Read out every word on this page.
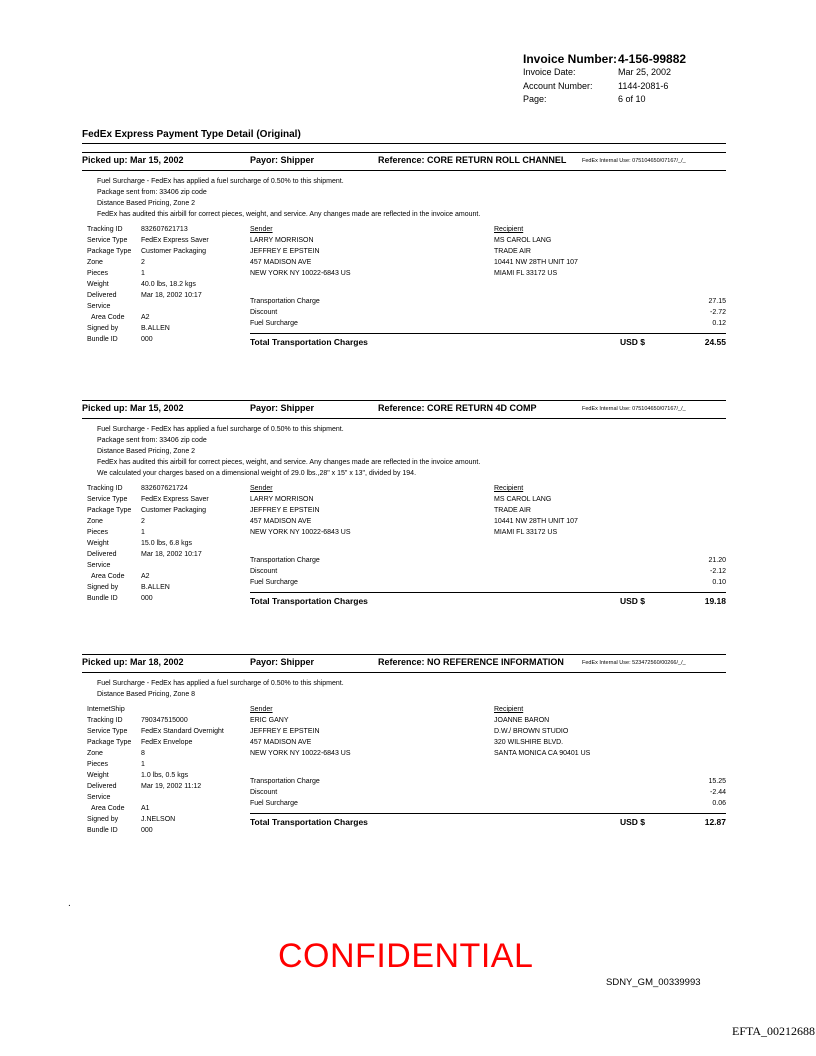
Invoice Number: 4-156-99882
Invoice Date:	Mar 25, 2002
Account Number:	1144-2081-6
Page:	6 of 10
FedEx Express Payment Type Detail (Original)
Picked up: Mar 15, 2002	Payor: Shipper	Reference: CORE RETURN ROLL CHANNEL	FedEx Internal Use: 075104650/07167/_/_
Fuel Surcharge - FedEx has applied a fuel surcharge of 0.50% to this shipment.
Package sent from: 33406 zip code
Distance Based Pricing, Zone 2
FedEx has audited this airbill for correct pieces, weight, and service. Any changes made are reflected in the invoice amount.
Tracking ID	832607621713
Service Type	FedEx Express Saver
Package Type	Customer Packaging
Zone	2
Pieces	1
Weight	40.0 lbs, 18.2 kgs
Delivered	Mar 18, 2002 10:17
Service
Area Code	A2
Signed by	B.ALLEN
Bundle ID	000
Sender
LARRY MORRISON
JEFFREY E EPSTEIN
457 MADISON AVE
NEW YORK NY 10022-6843 US
Recipient
MS CAROL LANG
TRADE AIR
10441 NW 28TH UNIT 107
MIAMI FL 33172 US
Transportation Charge	27.15
Discount	-2.72
Fuel Surcharge	0.12
Total Transportation Charges	USD $	24.55
Picked up: Mar 15, 2002	Payor: Shipper	Reference: CORE RETURN 4D COMP	FedEx Internal Use: 075104650/07167/_/_
Fuel Surcharge - FedEx has applied a fuel surcharge of 0.50% to this shipment.
Package sent from: 33406 zip code
Distance Based Pricing, Zone 2
FedEx has audited this airbill for correct pieces, weight, and service. Any changes made are reflected in the invoice amount.
We calculated your charges based on a dimensional weight of 29.0 lbs.,28" x 15" x 13", divided by 194.
Tracking ID	832607621724
Service Type	FedEx Express Saver
Package Type	Customer Packaging
Zone	2
Pieces	1
Weight	15.0 lbs, 6.8 kgs
Delivered	Mar 18, 2002 10:17
Service
Area Code	A2
Signed by	B.ALLEN
Bundle ID	000
Sender
LARRY MORRISON
JEFFREY E EPSTEIN
457 MADISON AVE
NEW YORK NY 10022-6843 US
Recipient
MS CAROL LANG
TRADE AIR
10441 NW 28TH UNIT 107
MIAMI FL 33172 US
Transportation Charge	21.20
Discount	-2.12
Fuel Surcharge	0.10
Total Transportation Charges	USD $	19.18
Picked up: Mar 18, 2002	Payor: Shipper	Reference: NO REFERENCE INFORMATION	FedEx Internal Use: 523472560/00266/_/_
Fuel Surcharge - FedEx has applied a fuel surcharge of 0.50% to this shipment.
Distance Based Pricing, Zone 8
InternetShip
Tracking ID	790347515000
Service Type	FedEx Standard Overnight
Package Type	FedEx Envelope
Zone	8
Pieces	1
Weight	1.0 lbs, 0.5 kgs
Delivered	Mar 19, 2002 11:12
Service
Area Code	A1
Signed by	J.NELSON
Bundle ID	000
Sender
ERIC GANY
JEFFREY E EPSTEIN
457 MADISON AVE
NEW YORK NY 10022-6843 US
Recipient
JOANNE BARON
D.W./ BROWN STUDIO
320 WILSHIRE BLVD.
SANTA MONICA CA 90401 US
Transportation Charge	15.25
Discount	-2.44
Fuel Surcharge	0.06
Total Transportation Charges	USD $	12.87
.
CONFIDENTIAL
SDNY_GM_00339993
EFTA_00212688
